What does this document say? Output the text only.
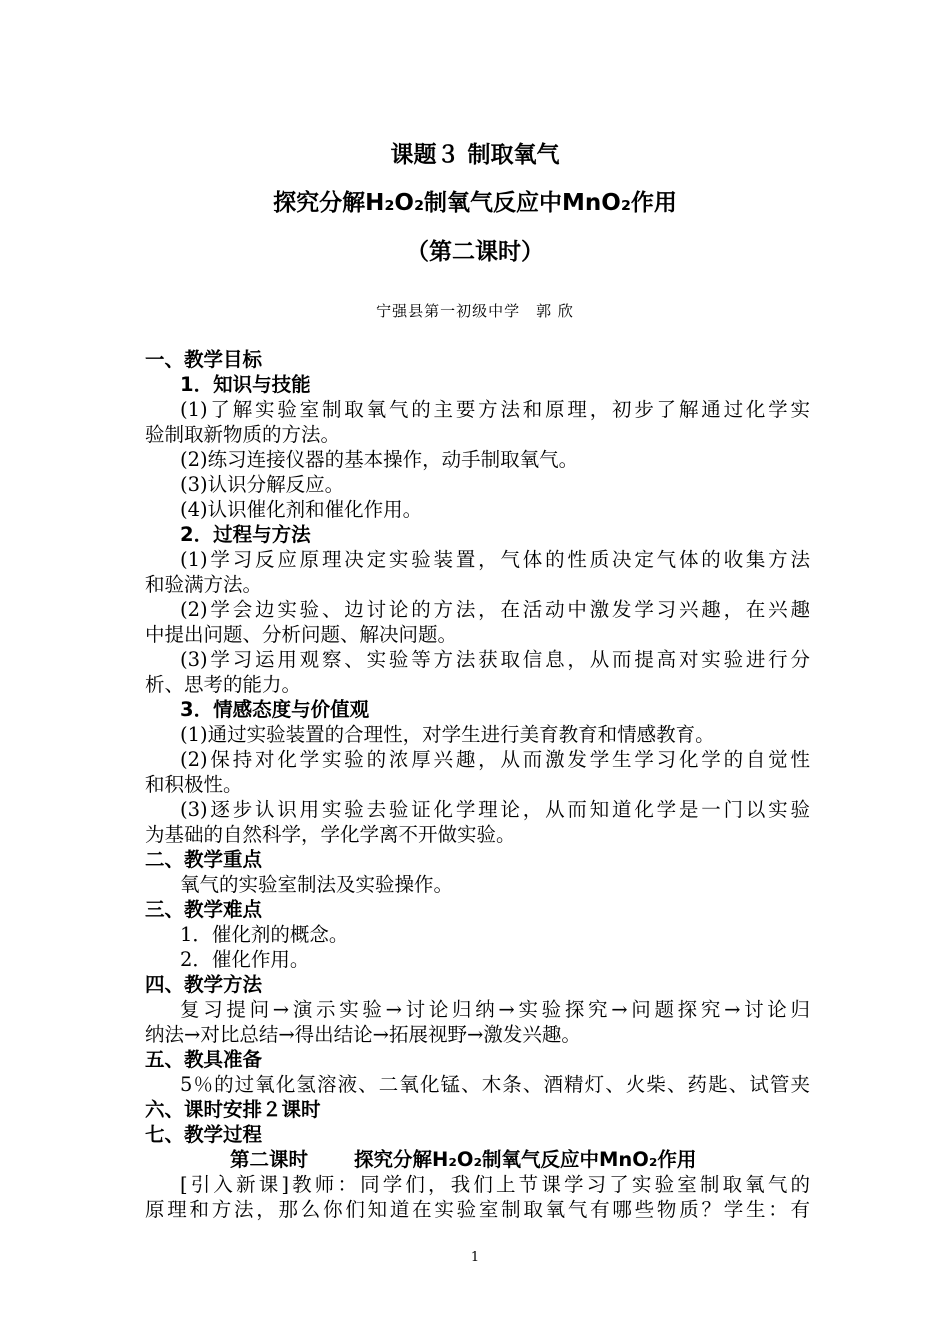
课题３ 制取氧气
探究分解H₂O₂制氧气反应中MnO₂作用
（第二课时）
宁强县第一初级中学　郭 欣
一、教学目标
1．知识与技能
(1)了解实验室制取氧气的主要方法和原理，初步了解通过化学实
验制取新物质的方法。
(2)练习连接仪器的基本操作，动手制取氧气。
(3)认识分解反应。
(4)认识催化剂和催化作用。
2．过程与方法
(1)学习反应原理决定实验装置，气体的性质决定气体的收集方法
和验满方法。
(2)学会边实验、边讨论的方法，在活动中激发学习兴趣，在兴趣
中提出问题、分析问题、解决问题。
(3)学习运用观察、实验等方法获取信息，从而提高对实验进行分
析、思考的能力。
3．情感态度与价值观
(1)通过实验装置的合理性，对学生进行美育教育和情感教育。
(2)保持对化学实验的浓厚兴趣，从而激发学生学习化学的自觉性
和积极性。
(3)逐步认识用实验去验证化学理论，从而知道化学是一门以实验
为基础的自然科学，学化学离不开做实验。
二、教学重点
氧气的实验室制法及实验操作。
三、教学难点
1．催化剂的概念。
2．催化作用。
四、教学方法
复习提问→演示实验→讨论归纳→实验探究→问题探究→讨论归
纳法→对比总结→得出结论→拓展视野→激发兴趣。
五、教具准备
5％的过氧化氢溶液、二氧化锰、木条、酒精灯、火柴、药匙、试管夹
六、课时安排２课时
七、教学过程
第二课时 探究分解H₂O₂制氧气反应中MnO₂作用
[引入新课]教师：同学们，我们上节课学习了实验室制取氧气的
原理和方法，那么你们知道在实验室制取氧气有哪些物质？学生：有
1
